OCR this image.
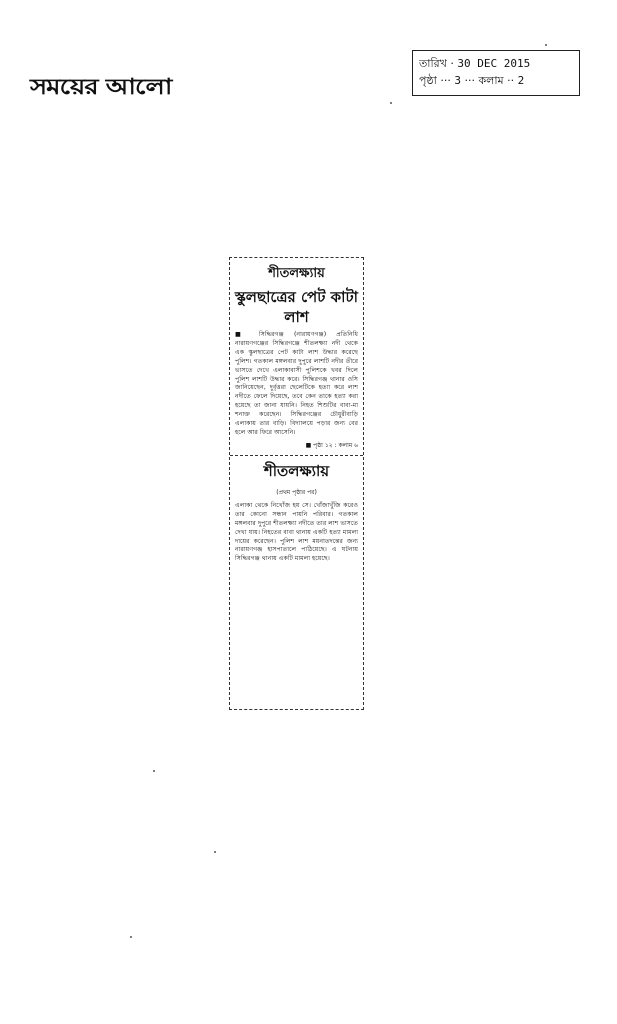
সময়ের আলো
তারিখ · 30 DEC 2015
পৃষ্ঠা ··· 3 ··· কলাম ·· 2
শীতলক্ষ্যায়
স্কুলছাত্রের পেট কাটা লাশ
■ সিদ্ধিরগঞ্জ (নারায়ণগঞ্জ) প্রতিনিধি নারায়ণগঞ্জের সিদ্ধিরগঞ্জে শীতলক্ষ্যা নদী থেকে এক স্কুলছাত্রের পেট কাটা লাশ উদ্ধার করেছে পুলিশ। গতকাল মঙ্গলবার দুপুরে লাশটি নদীর তীরে ভাসতে দেখে এলাকাবাসী পুলিশকে খবর দিলে পুলিশ লাশটি উদ্ধার করে। সিদ্ধিরগঞ্জ থানার ওসি জানিয়েছেন, দুর্বৃত্তরা ছেলেটিকে হত্যা করে লাশ নদীতে ফেলে দিয়েছে, তবে কেন তাকে হত্যা করা হয়েছে তা জানা যায়নি। নিহত শিশুটির বাবা-মা শনাক্ত করেছেন। সিদ্ধিরগঞ্জের চৌধুরীবাড়ি এলাকায় তার বাড়ি। বিদ্যালয়ে পড়ার জন্য বের হলে আর ফিরে আসেনি।
■ পৃষ্ঠা ১২ : কলাম ৬
শীতলক্ষ্যায়
(প্রথম পৃষ্ঠার পর)
এলাকা থেকে নিখোঁজ হয় সে। খোঁজাখুঁজি করেও তার কোনো সন্ধান পায়নি পরিবার। গতকাল মঙ্গলবার দুপুরে শীতলক্ষ্যা নদীতে তার লাশ ভাসতে দেখা যায়। নিহতের বাবা থানায় একটি হত্যা মামলা দায়ের করেছেন। পুলিশ লাশ ময়নাতদন্তের জন্য নারায়ণগঞ্জ হাসপাতালে পাঠিয়েছে। এ ঘটনায় সিদ্ধিরগঞ্জ থানায় একটি মামলা হয়েছে।
